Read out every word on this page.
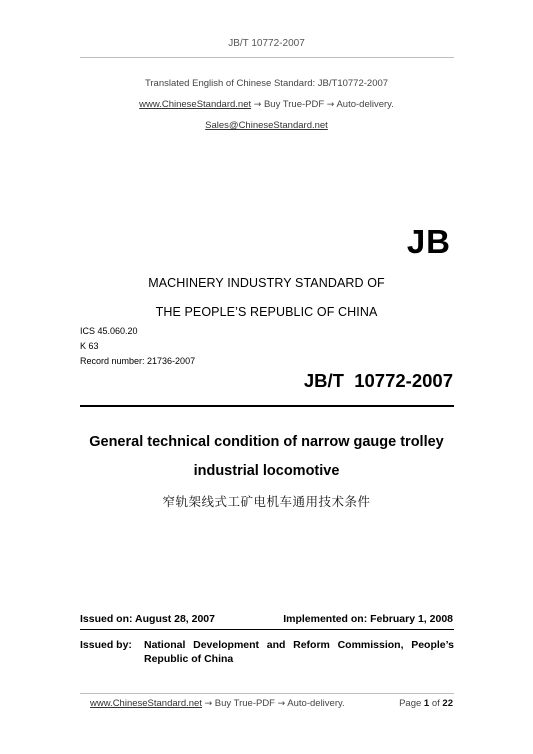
JB/T 10772-2007
Translated English of Chinese Standard: JB/T10772-2007
www.ChineseStandard.net → Buy True-PDF → Auto-delivery.
Sales@ChineseStandard.net
JB
MACHINERY INDUSTRY STANDARD OF
THE PEOPLE’S REPUBLIC OF CHINA
ICS 45.060.20
K 63
Record number: 21736-2007
JB/T  10772-2007
General technical condition of narrow gauge trolley
industrial locomotive
窄轨架线式工矿电机车通用技术条件
Issued on: August 28, 2007	Implemented on: February 1, 2008
Issued by:	National Development and Reform Commission, People’s
Republic of China
www.ChineseStandard.net → Buy True-PDF → Auto-delivery.	Page 1 of 22
